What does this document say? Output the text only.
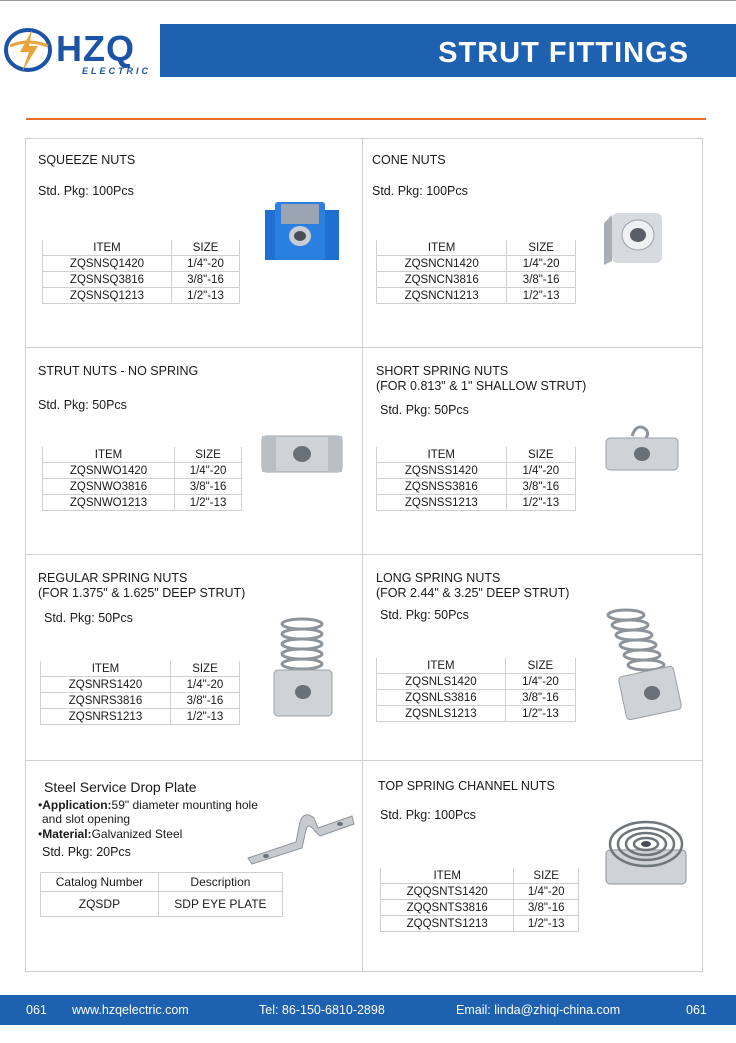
HZQ
ELECTRIC
STRUT FITTINGS
SQUEEZE NUTS
Std. Pkg: 100Pcs
ITEM	SIZE
ZQSNSQ1420	1/4"-20
ZQSNSQ3816	3/8"-16
ZQSNSQ1213	1/2"-13
CONE NUTS
Std. Pkg: 100Pcs
ITEM	SIZE
ZQSNCN1420	1/4"-20
ZQSNCN3816	3/8"-16
ZQSNCN1213	1/2"-13
STRUT NUTS - NO SPRING
Std. Pkg: 50Pcs
ITEM	SIZE
ZQSNWO1420	1/4"-20
ZQSNWO3816	3/8"-16
ZQSNWO1213	1/2"-13
SHORT SPRING NUTS
(FOR 0.813" & 1" SHALLOW STRUT)
Std. Pkg: 50Pcs
ITEM	SIZE
ZQSNSS1420	1/4"-20
ZQSNSS3816	3/8"-16
ZQSNSS1213	1/2"-13
REGULAR SPRING NUTS
(FOR 1.375" & 1.625" DEEP STRUT)
Std. Pkg: 50Pcs
ITEM	SIZE
ZQSNRS1420	1/4"-20
ZQSNRS3816	3/8"-16
ZQSNRS1213	1/2"-13
LONG SPRING NUTS
(FOR 2.44" & 3.25" DEEP STRUT)
Std. Pkg: 50Pcs
ITEM	SIZE
ZQSNLS1420	1/4"-20
ZQSNLS3816	3/8"-16
ZQSNLS1213	1/2"-13
Steel Service Drop Plate
•Application:59" diameter mounting hole
and slot opening
•Material:Galvanized Steel
Std. Pkg: 20Pcs
Catalog Number	Description
ZQSDP	SDP EYE PLATE
TOP SPRING CHANNEL NUTS
Std. Pkg: 100Pcs
ITEM	SIZE
ZQQSNTS1420	1/4"-20
ZQQSNTS3816	3/8"-16
ZQQSNTS1213	1/2"-13
061 www.hzqelectric.com	Tel: 86-150-6810-2898	Email: linda@zhiqi-china.com	061
